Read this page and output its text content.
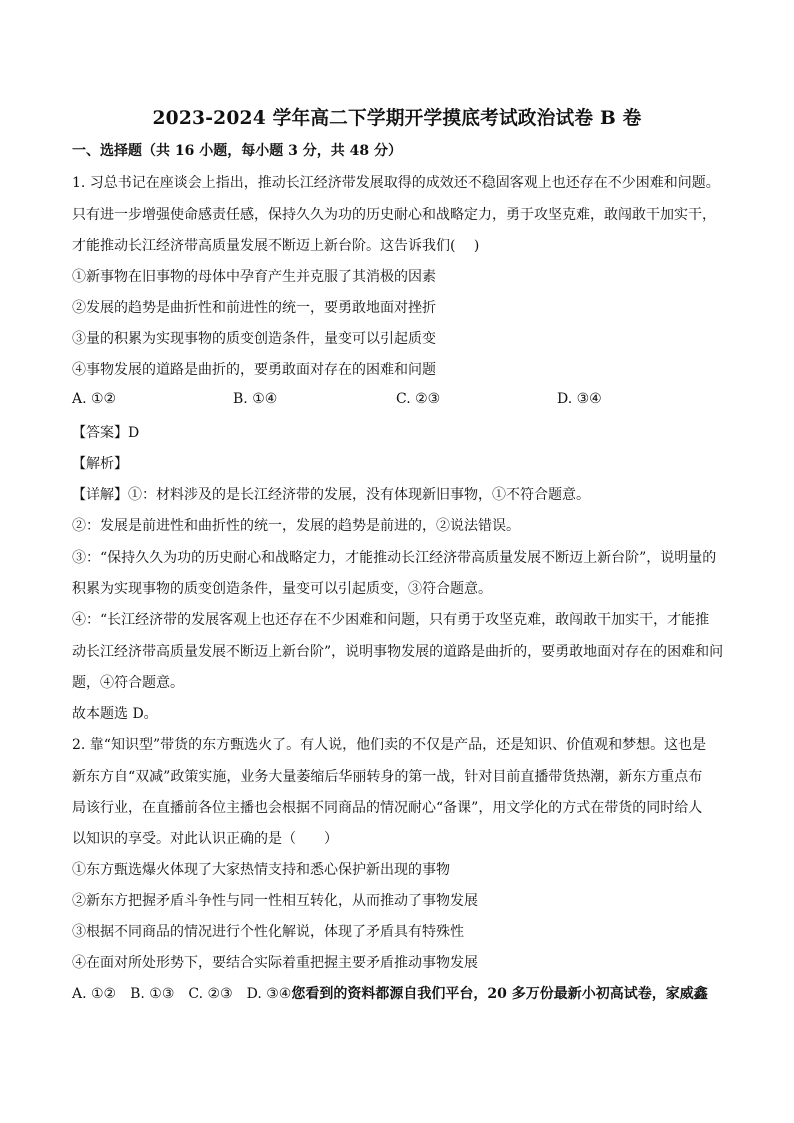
2023-2024 学年高二下学期开学摸底考试政治试卷 B 卷
一、选择题（共 16 小题，每小题 3 分，共 48 分）
1. 习总书记在座谈会上指出，推动长江经济带发展取得的成效还不稳固客观上也还存在不少困难和问题。
只有进一步增强使命感责任感，保持久久为功的历史耐心和战略定力，勇于攻坚克难，敢闯敢干加实干，
才能推动长江经济带高质量发展不断迈上新台阶。这告诉我们(　 )
①新事物在旧事物的母体中孕育产生并克服了其消极的因素
②发展的趋势是曲折性和前进性的统一，要勇敢地面对挫折
③量的积累为实现事物的质变创造条件，量变可以引起质变
④事物发展的道路是曲折的，要勇敢面对存在的困难和问题
A. ①②	B. ①④	C. ②③	D. ③④
【答案】D
【解析】
【详解】①：材料涉及的是长江经济带的发展，没有体现新旧事物，①不符合题意。
②：发展是前进性和曲折性的统一，发展的趋势是前进的，②说法错误。
③：“保持久久为功的历史耐心和战略定力，才能推动长江经济带高质量发展不断迈上新台阶”，说明量的
积累为实现事物的质变创造条件，量变可以引起质变，③符合题意。
④：“长江经济带的发展客观上也还存在不少困难和问题，只有勇于攻坚克难，敢闯敢干加实干，才能推
动长江经济带高质量发展不断迈上新台阶”，说明事物发展的道路是曲折的，要勇敢地面对存在的困难和问
题，④符合题意。
故本题选 D。
2. 靠“知识型”带货的东方甄选火了。有人说，他们卖的不仅是产品，还是知识、价值观和梦想。这也是
新东方自“双减”政策实施，业务大量萎缩后华丽转身的第一战，针对目前直播带货热潮，新东方重点布
局该行业，在直播前各位主播也会根据不同商品的情况耐心“备课”，用文学化的方式在带货的同时给人
以知识的享受。对此认识正确的是（　　）
①东方甄选爆火体现了大家热情支持和悉心保护新出现的事物
②新东方把握矛盾斗争性与同一性相互转化，从而推动了事物发展
③根据不同商品的情况进行个性化解说，体现了矛盾具有特殊性
④在面对所处形势下，要结合实际着重把握主要矛盾推动事物发展
A. ①②　B. ①③　C. ②③　D. ③④您看到的资料都源自我们平台，20 多万份最新小初高试卷，家威鑫
